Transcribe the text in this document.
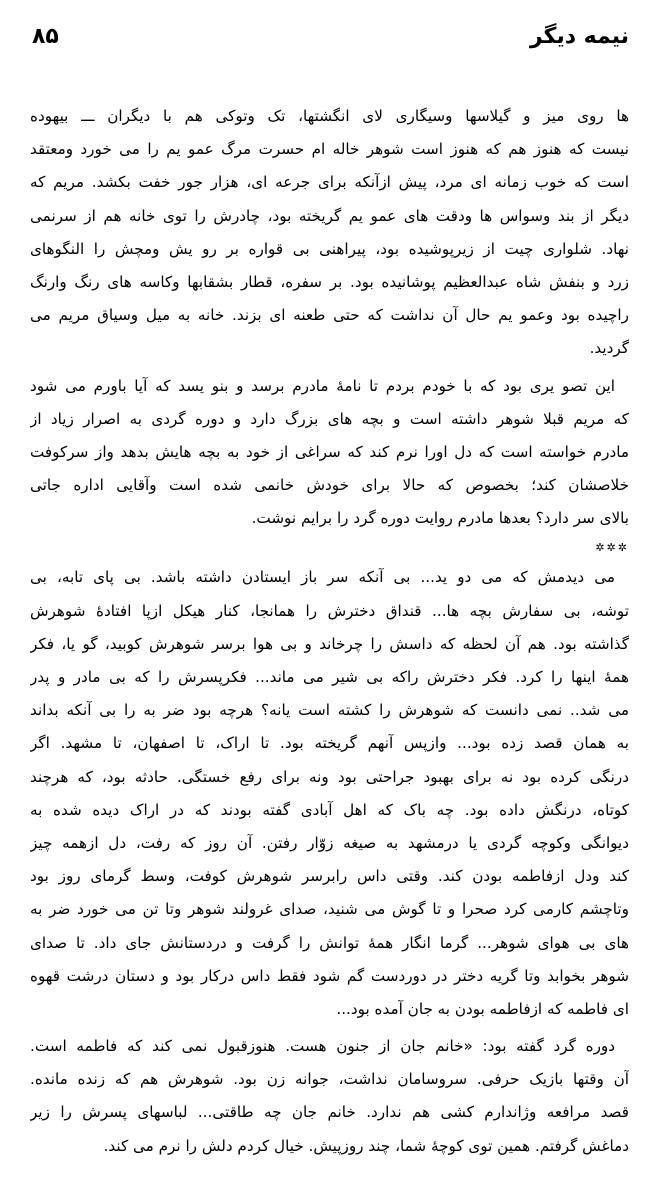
نیمه دیگر
۸۵
ها روی میز و گیلاسها وسیگاری لای انگشتها، تک وتوکی هم با دیگران ـــ بیهوده
نیست که هنوز هم که هنوز است شوهر خاله ام حسرت مرگ عمو یم را می خورد ومعتقد
است که خوب زمانه ای مرد، پیش ازآنکه برای جرعه ای، هزار جور خفت بکشد. مریم که
دیگر از بند وسواس ها ودقت های عمو یم گریخته بود، چادرش را توی خانه هم از سرنمی
نهاد. شلواری چیت از زیرپوشیده بود، پیراهنی بی قواره بر رو یش ومچش را النگوهای
زرد و بنفش شاه عبدالعظیم پوشانیده بود. بر سفره، قطار بشقابها وکاسه های رنگ وارنگ
راچیده بود وعمو یم حال آن نداشت که حتی طعنه ای بزند. خانه به میل وسیاق مریم می
گردید.
این تصو یری بود که با خودم بردم تا نامۀ مادرم برسد و بنو یسد که آیا باورم می شود
که مریم قبلا شوهر داشته است و بچه های بزرگ دارد و دوره گردی به اصرار زیاد از
مادرم خواسته است که دل اورا نرم کند که سراغی از خود به بچه هایش بدهد واز سرکوفت
خلاصشان کند؛ بخصوص که حالا برای خودش خانمی شده است وآقایی اداره جاتی
بالای سر دارد؟ بعدها مادرم روایت دوره گرد را برایم نوشت.
✲✲✲
می دیدمش که می دو ید... بی آنکه سر باز ایستادن داشته باشد. بی پای تابه، بی
توشه، بی سفارش بچه ها... قنداق دخترش را همانجا، کنار هیکل ازپا افتادۀ شوهرش
گذاشته بود. هم آن لحظه که داسش را چرخاند و بی هوا برسر شوهرش کوبید، گو یا، فکر
همۀ اینها را کرد. فکر دخترش راکه بی شیر می ماند... فکرپسرش را که بی مادر و پدر
می شد.. نمی دانست که شوهرش را کشته است یانه؟ هرچه بود ضر به را بی آنکه بداند
به همان قصد زده بود... وازپس آنهم گریخته بود. تا اراک، تا اصفهان، تا مشهد. اگر
درنگی کرده بود نه برای بهبود جراحتی بود ونه برای رفع خستگی. حادثه بود، که هرچند
کوتاه، درنگش داده بود. چه باک که اهل آبادی گفته بودند که در اراک دیده شده به
دیوانگی وکوچه گردی یا درمشهد به صیغه زوّار رفتن. آن روز که رفت، دل ازهمه چیز
کند ودل ازفاطمه بودن کند. وقتی داس رابرسر شوهرش کوفت، وسط گرمای روز بود
وتاچشم کارمی کرد صحرا و تا گوش می شنید، صدای غرولند شوهر وتا تن می خورد ضر به
های بی هوای شوهر... گرما انگار همۀ توانش را گرفت و دردستانش جای داد. تا صدای
شوهر بخوابد وتا گریه دختر در دوردست گم شود فقط داس درکار بود و دستان درشت قهوه
ای فاطمه که ازفاطمه بودن به جان آمده بود...
دوره گرد گفته بود: «خانم جان از جنون هست. هنوزقبول نمی کند که فاطمه است.
آن وقتها بازیک حرفی. سروسامان نداشت، جوانه زن بود. شوهرش هم که زنده مانده.
قصد مرافعه وژاندارم کشی هم ندارد. خانم جان چه طاقتی... لباسهای پسرش را زیر
دماغش گرفتم. همین توی کوچۀ شما، چند روزپیش. خیال کردم دلش را نرم می کند.
